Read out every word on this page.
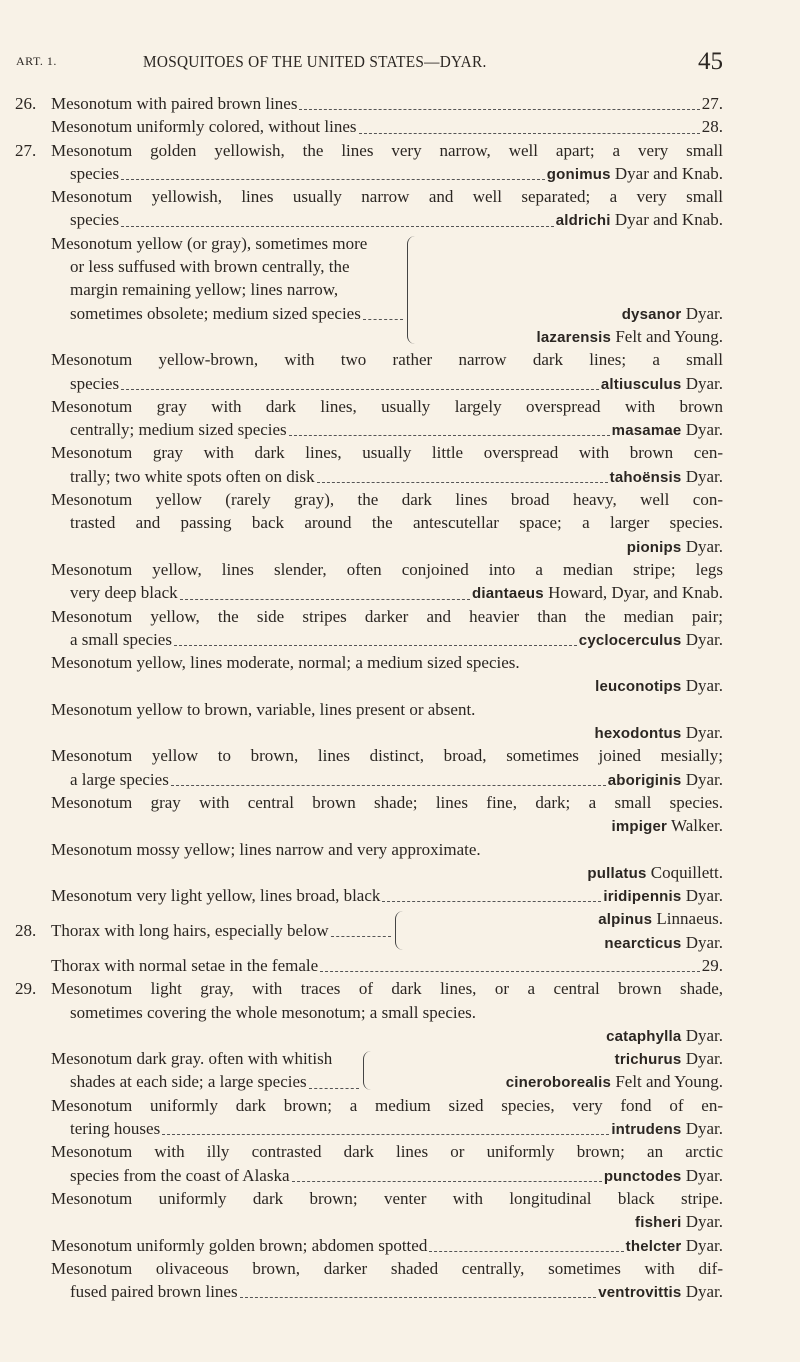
ART. 1.	MOSQUITOES OF THE UNITED STATES—DYAR.	45
26. Mesonotum with paired brown lines	27.
Mesonotum uniformly colored, without lines	28.
27. Mesonotum golden yellowish, the lines very narrow, well apart; a very small
species	gonimus Dyar and Knab.
Mesonotum yellowish, lines usually narrow and well separated; a very small
species	aldrichi Dyar and Knab.
Mesonotum yellow (or gray), sometimes more
or less suffused with brown centrally, the
margin remaining yellow; lines narrow,
sometimes obsolete; medium sized species	dysanor Dyar.
lazarensis Felt and Young.
Mesonotum yellow-brown, with two rather narrow dark lines; a small
species	altiusculus Dyar.
Mesonotum gray with dark lines, usually largely overspread with brown
centrally; medium sized species	masamae Dyar.
Mesonotum gray with dark lines, usually little overspread with brown cen-
trally; two white spots often on disk	tahoënsis Dyar.
Mesonotum yellow (rarely gray), the dark lines broad heavy, well con-
trasted and passing back around the antescutellar space; a larger species.
pionips Dyar.
Mesonotum yellow, lines slender, often conjoined into a median stripe; legs
very deep black	diantaeus Howard, Dyar, and Knab.
Mesonotum yellow, the side stripes darker and heavier than the median pair;
a small species	cyclocerculus Dyar.
Mesonotum yellow, lines moderate, normal; a medium sized species.
leuconotips Dyar.
Mesonotum yellow to brown, variable, lines present or absent.
hexodontus Dyar.
Mesonotum yellow to brown, lines distinct, broad, sometimes joined mesially;
a large species	aboriginis Dyar.
Mesonotum gray with central brown shade; lines fine, dark; a small species.
impiger Walker.
Mesonotum mossy yellow; lines narrow and very approximate.
pullatus Coquillett.
Mesonotum very light yellow, lines broad, black	iridipennis Dyar.
28. Thorax with long hairs, especially below
alpinus Linnaeus.
nearcticus Dyar.
Thorax with normal setae in the female	29.
29. Mesonotum light gray, with traces of dark lines, or a central brown shade,
sometimes covering the whole mesonotum; a small species.
cataphylla Dyar.
Mesonotum dark gray. often with whitish
shades at each side; a large species
trichurus Dyar.
cineroborealis Felt and Young.
Mesonotum uniformly dark brown; a medium sized species, very fond of en-
tering houses	intrudens Dyar.
Mesonotum with illy contrasted dark lines or uniformly brown; an arctic
species from the coast of Alaska	punctodes Dyar.
Mesonotum uniformly dark brown; venter with longitudinal black stripe.
fisheri Dyar.
Mesonotum uniformly golden brown; abdomen spotted	thelcter Dyar.
Mesonotum olivaceous brown, darker shaded centrally, sometimes with dif-
fused paired brown lines	ventrovittis Dyar.
